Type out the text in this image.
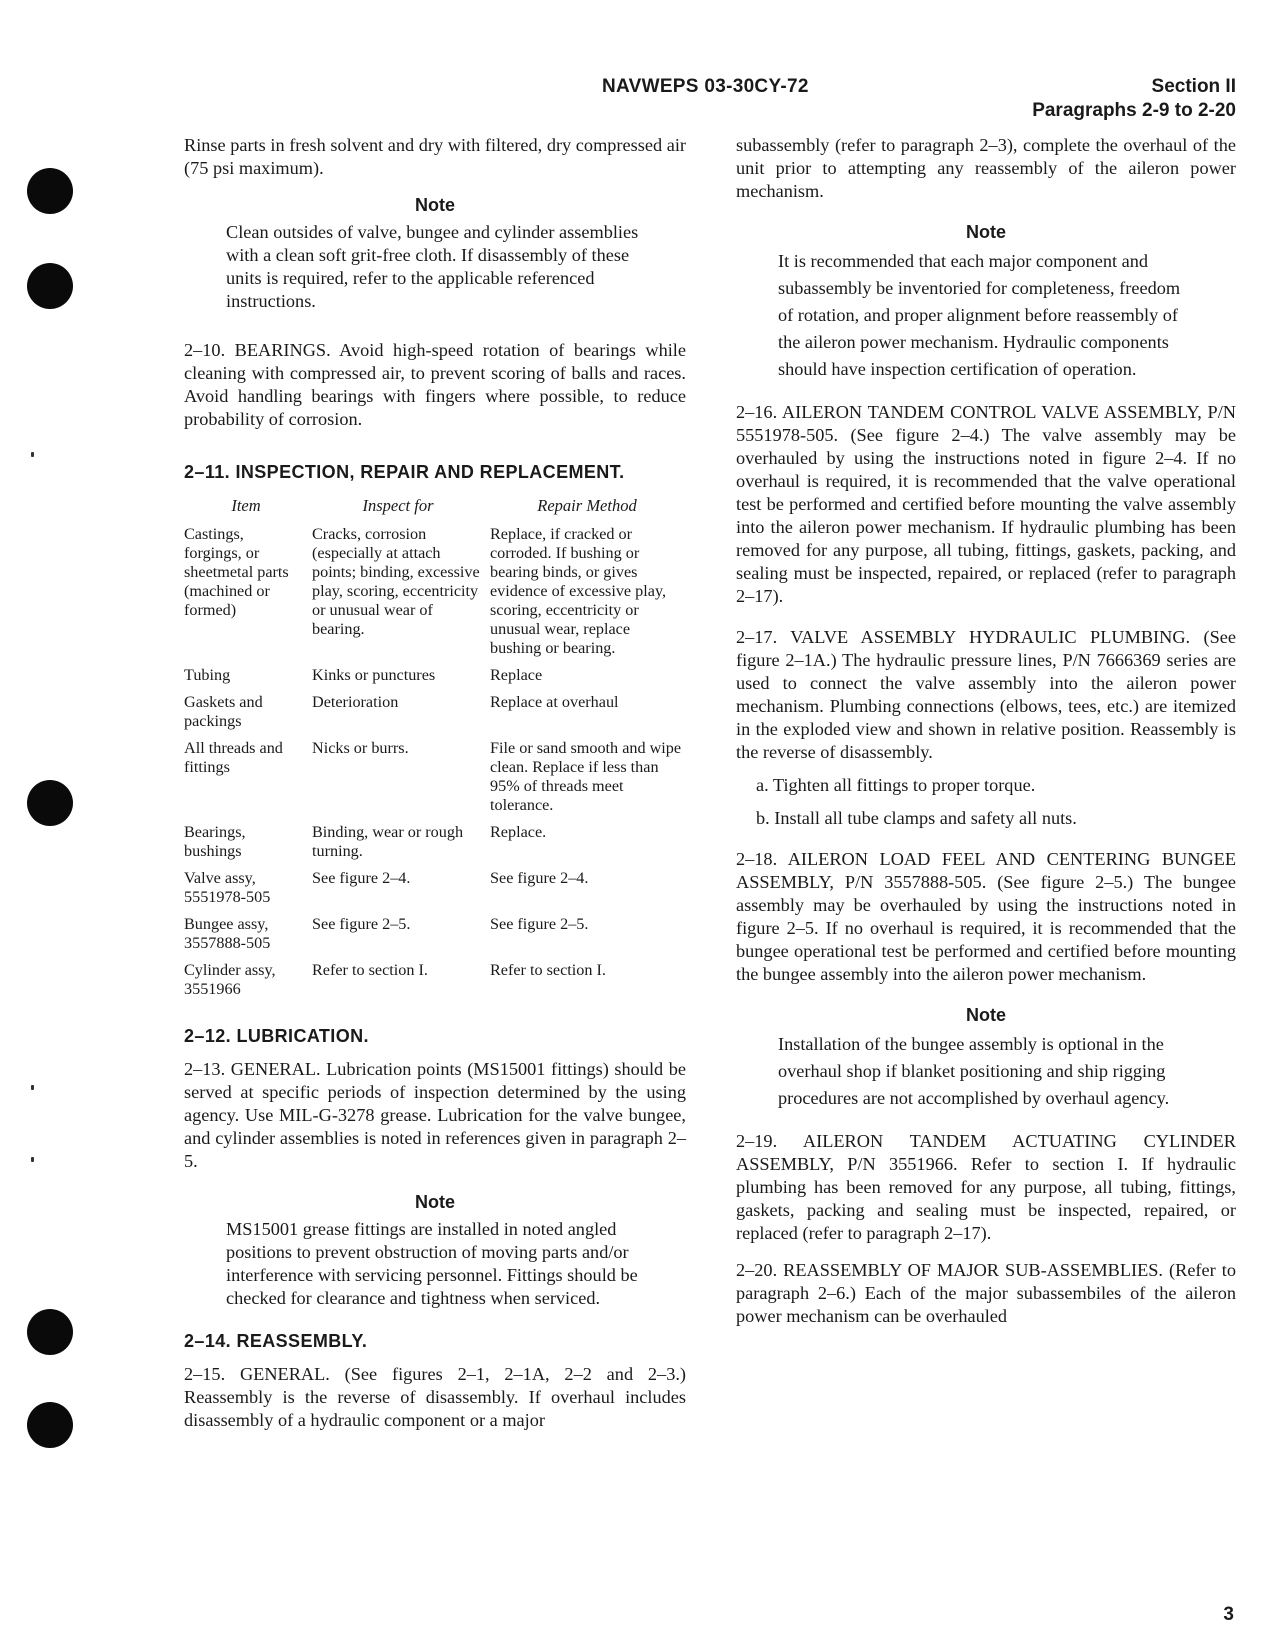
NAVWEPS 03-30CY-72	Section II
Paragraphs 2-9 to 2-20

Rinse parts in fresh solvent and dry with filtered, dry compressed air (75 psi maximum).

Note

Clean outsides of valve, bungee and cylinder assemblies with a clean soft grit-free cloth. If disassembly of these units is required, refer to the applicable referenced instructions.

2–10. BEARINGS. Avoid high-speed rotation of bearings while cleaning with compressed air, to prevent scoring of balls and races. Avoid handling bearings with fingers where possible, to reduce probability of corrosion.

2–11. INSPECTION, REPAIR AND REPLACEMENT.
Item	Inspect for	Repair Method
Castings, forgings, or sheetmetal parts (machined or formed)	Cracks, corrosion (especially at attach points; binding, excessive play, scoring, eccentricity or unusual wear of bearing.	Replace, if cracked or corroded. If bushing or bearing binds, or gives evidence of excessive play, scoring, eccentricity or unusual wear, replace bushing or bearing.
Tubing	Kinks or punctures	Replace
Gaskets and packings	Deterioration	Replace at overhaul
All threads and fittings	Nicks or burrs.	File or sand smooth and wipe clean. Replace if less than 95% of threads meet tolerance.
Bearings, bushings	Binding, wear or rough turning.	Replace.
Valve assy, 5551978-505	See figure 2–4.	See figure 2–4.
Bungee assy, 3557888-505	See figure 2–5.	See figure 2–5.
Cylinder assy, 3551966	Refer to section I.	Refer to section I.
2–12. LUBRICATION.

2–13. GENERAL. Lubrication points (MS15001 fittings) should be served at specific periods of inspection determined by the using agency. Use MIL-G-3278 grease. Lubrication for the valve bungee, and cylinder assemblies is noted in references given in paragraph 2–5.

Note

MS15001 grease fittings are installed in noted angled positions to prevent obstruction of moving parts and/or interference with servicing personnel. Fittings should be checked for clearance and tightness when serviced.

2–14. REASSEMBLY.

2–15. GENERAL. (See figures 2–1, 2–1A, 2–2 and 2–3.) Reassembly is the reverse of disassembly. If overhaul includes disassembly of a hydraulic component or a major

subassembly (refer to paragraph 2–3), complete the overhaul of the unit prior to attempting any reassembly of the aileron power mechanism.

Note

It is recommended that each major component and subassembly be inventoried for completeness, freedom of rotation, and proper alignment before reassembly of the aileron power mechanism. Hydraulic components should have inspection certification of operation.

2–16. AILERON TANDEM CONTROL VALVE ASSEMBLY, P/N 5551978-505. (See figure 2–4.) The valve assembly may be overhauled by using the instructions noted in figure 2–4. If no overhaul is required, it is recommended that the valve operational test be performed and certified before mounting the valve assembly into the aileron power mechanism. If hydraulic plumbing has been removed for any purpose, all tubing, fittings, gaskets, packing, and sealing must be inspected, repaired, or replaced (refer to paragraph 2–17).

2–17. VALVE ASSEMBLY HYDRAULIC PLUMBING. (See figure 2–1A.) The hydraulic pressure lines, P/N 7666369 series are used to connect the valve assembly into the aileron power mechanism. Plumbing connections (elbows, tees, etc.) are itemized in the exploded view and shown in relative position. Reassembly is the reverse of disassembly.

a. Tighten all fittings to proper torque.

b. Install all tube clamps and safety all nuts.

2–18. AILERON LOAD FEEL AND CENTERING BUNGEE ASSEMBLY, P/N 3557888-505. (See figure 2–5.) The bungee assembly may be overhauled by using the instructions noted in figure 2–5. If no overhaul is required, it is recommended that the bungee operational test be performed and certified before mounting the bungee assembly into the aileron power mechanism.

Note

Installation of the bungee assembly is optional in the overhaul shop if blanket positioning and ship rigging procedures are not accomplished by overhaul agency.

2–19. AILERON TANDEM ACTUATING CYLINDER ASSEMBLY, P/N 3551966. Refer to section I. If hydraulic plumbing has been removed for any purpose, all tubing, fittings, gaskets, packing and sealing must be inspected, repaired, or replaced (refer to paragraph 2–17).

2–20. REASSEMBLY OF MAJOR SUB-ASSEMBLIES. (Refer to paragraph 2–6.) Each of the major subassembiles of the aileron power mechanism can be overhauled

3
